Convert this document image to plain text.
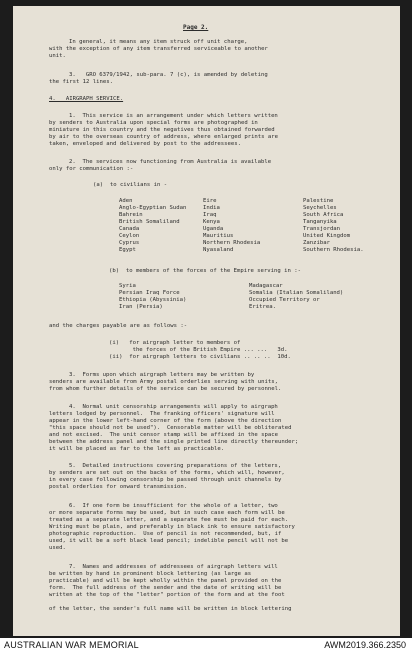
Page 2.
In general, it means any item struck off unit charge,
with the exception of any item transferred serviceable to another
unit.
3.   GRO 6379/1942, sub-para. 7 (c), is amended by deleting
the first 12 lines.
4.   AIRGRAPH SERVICE.
1.  This service is an arrangement under which letters written
by senders to Australia upon special forms are photographed in
miniature in this country and the negatives thus obtained forwarded
by air to the overseas country of address, where enlarged prints are
taken, enveloped and delivered by post to the addressees.
2.  The services now functioning from Australia is available
only for communication :-
(a)  to civilians in -
Aden
Anglo-Egyptian Sudan
Bahrein
British Somaliland
Canada
Ceylon
Cyprus
Egypt
Eire
India
Iraq
Kenya
Uganda
Mauritius
Northern Rhodesia
Nyasaland
Palestine
Seychelles
South Africa
Tanganyika
Transjordan
United Kingdom
Zanzibar
Southern Rhodesia.
(b)  to members of the forces of the Empire serving in :-
Syria
Persian Iraq Force
Ethiopia (Abyssinia)
Iran (Persia)
Madagascar
Somalia (Italian Somaliland)
Occupied Territory or
Eritrea.
and the charges payable are as follows :-
(i)   for airgraph letter to members of
the forces of the British Empire ... ...   3d.
(ii)  for airgraph letters to civilians .. .. ..  10d.
3.  Forms upon which airgraph letters may be written by
senders are available from Army postal orderlies serving with units,
from whom further details of the service can be secured by personnel.
4.  Normal unit censorship arrangements will apply to airgraph
letters lodged by personnel.  The franking officers' signature will
appear in the lower left-hand corner of the form (above the direction
"this space should not be used").  Censorable matter will be obliterated
and not excised.  The unit censor stamp will be affixed in the space
between the address panel and the single printed line directly thereunder;
it will be placed as far to the left as practicable.
5.  Detailed instructions covering preparations of the letters,
by senders are set out on the backs of the forms, which will, however,
in every case following censorship be passed through unit channels by
postal orderlies for onward transmission.
6.  If one form be insufficient for the whole of a letter, two
or more separate forms may be used, but in such case each form will be
treated as a separate letter, and a separate fee must be paid for each.
Writing must be plain, and preferably in black ink to ensure satisfactory
photographic reproduction.  Use of pencil is not recommended, but, if
used, it will be a soft black lead pencil; indelible pencil will not be
used.
7.  Names and addresses of addressees of airgraph letters will
be written by hand in prominent block lettering (as large as
practicable) and will be kept wholly within the panel provided on the
form.  The full address of the sender and the date of writing will be
written at the top of the "letter" portion of the form and at the foot
of the letter, the sender's full name will be written in block lettering
AUSTRALIAN WAR MEMORIAL	AWM2019.366.2350
